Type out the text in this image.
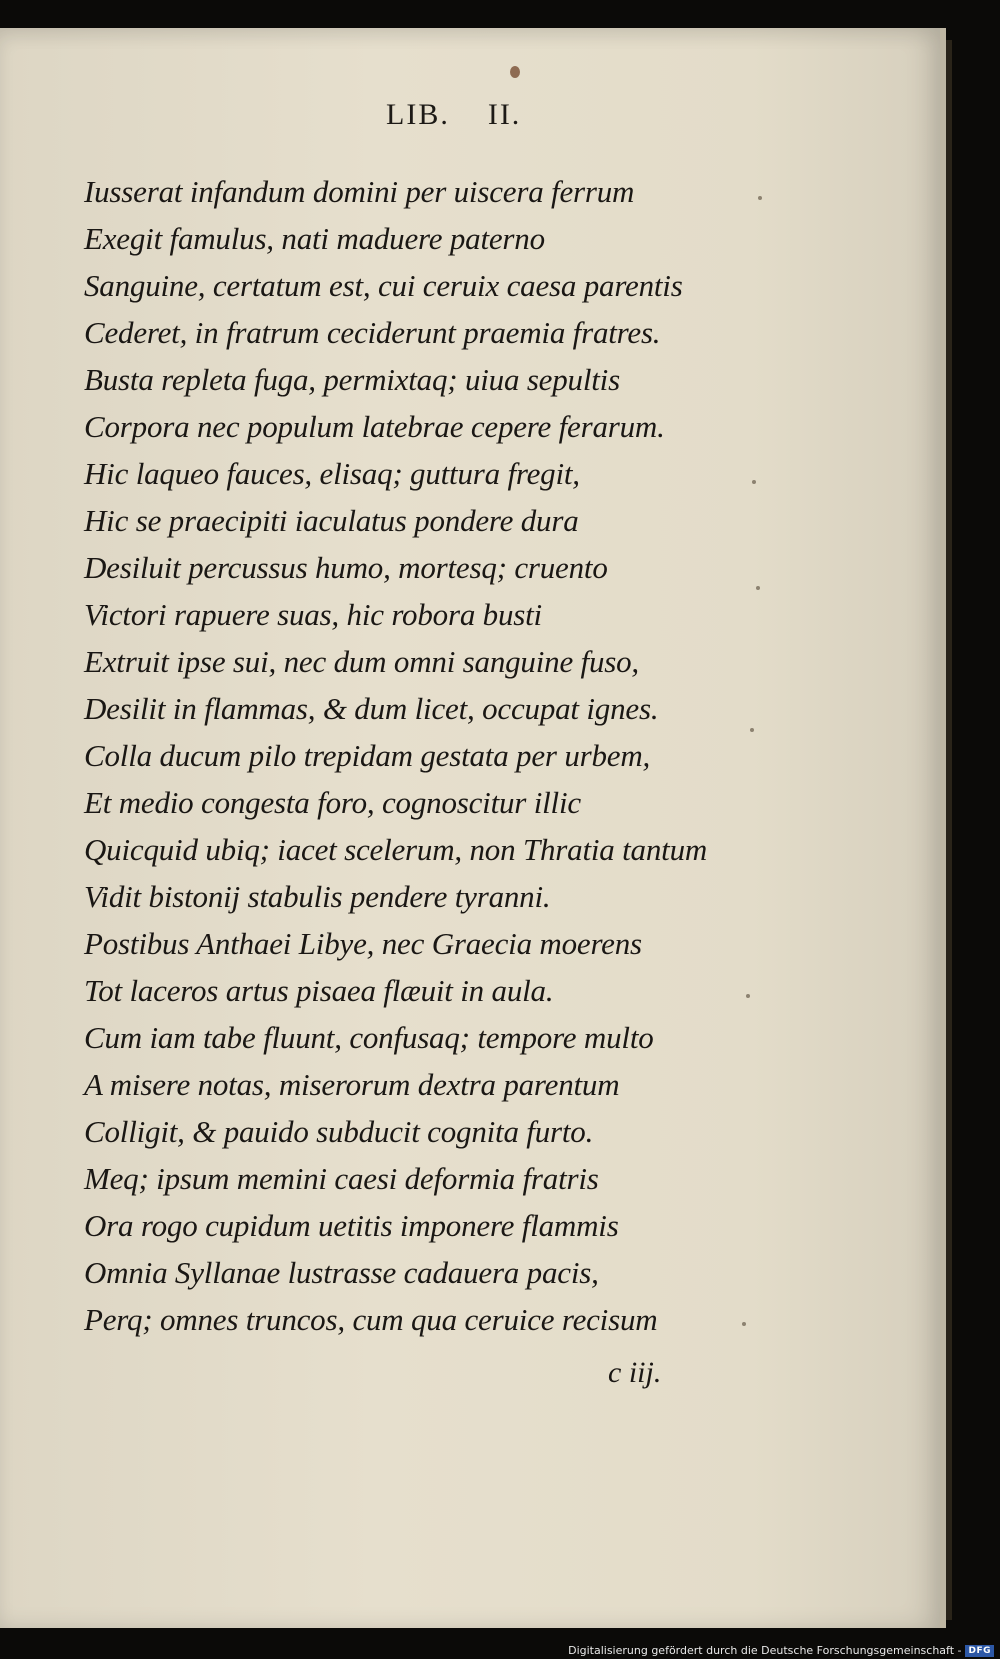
LIB.    II.
Iusserat infandum domini per uiscera ferrum
Exegit famulus, nati maduere paterno
Sanguine, certatum est, cui ceruix caesa parentis
Cederet, in fratrum ceciderunt praemia fratres.
Busta repleta fuga, permixtaq; uiua sepultis
Corpora nec populum latebrae cepere ferarum.
Hic laqueo fauces, elisaq; guttura fregit,
Hic se praecipiti iaculatus pondere dura
Desiluit percussus humo, mortesq; cruento
Victori rapuere suas, hic robora busti
Extruit ipse sui, nec dum omni sanguine fuso,
Desilit in flammas, & dum licet, occupat ignes.
Colla ducum pilo trepidam gestata per urbem,
Et medio congesta foro, cognoscitur illic
Quicquid ubiq; iacet scelerum, non Thratia tantum
Vidit bistonij stabulis pendere tyranni.
Postibus Anthaei Libye, nec Graecia moerens
Tot laceros artus pisaea flæuit in aula.
Cum iam tabe fluunt, confusaq; tempore multo
A misere notas, miserorum dextra parentum
Colligit, & pauido subducit cognita furto.
Meq; ipsum memini caesi deformia fratris
Ora rogo cupidum uetitis imponere flammis
Omnia Syllanae lustrasse cadauera pacis,
Perq; omnes truncos, cum qua ceruice recisum
c iij.
Digitalisierung gefördert durch die Deutsche Forschungsgemeinschaft - DFG
